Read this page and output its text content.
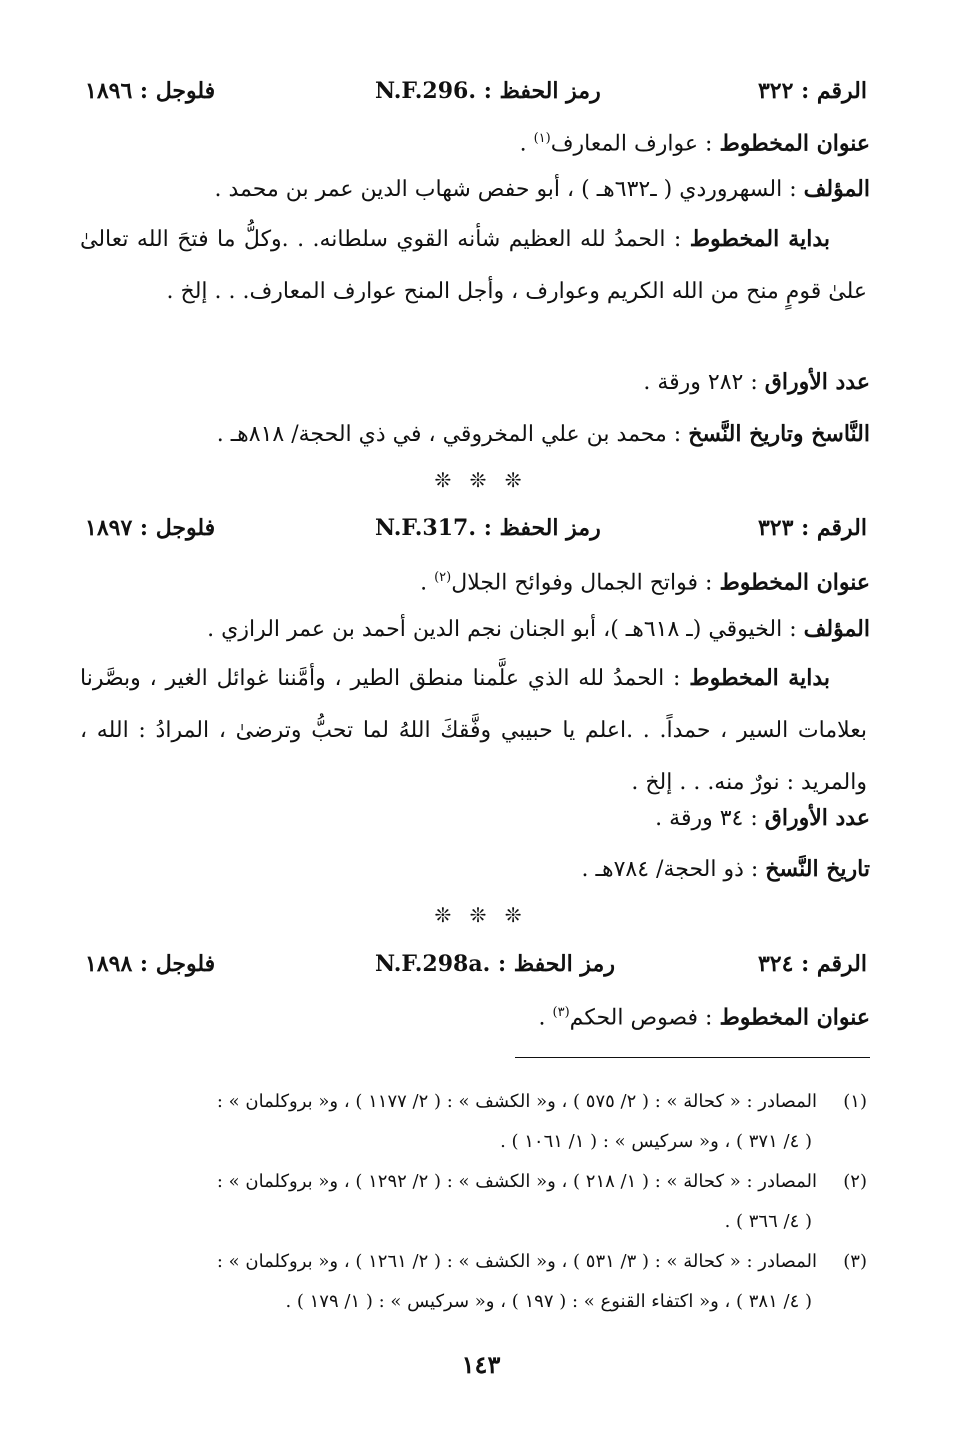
الرقم : ٣٢٢
رمز الحفظ : N.F.296.
فلوجل : ١٨٩٦
عنوان المخطوط : عوارف المعارف$^{(١)}$ .
المؤلف : السهروردي ( ـ٦٣٢هـ ) ، أبو حفص شهاب الدين عمر بن محمد .
بداية المخطوط : الحمدُ لله العظيم شأنه القوي سلطانه. . .وكلُّ ما فتحَ الله تعالىٰ علىٰ قومٍ منح من الله الكريم وعوارف ، وأجل المنح عوارف المعارف. . . إلخ .
عدد الأوراق : ٢٨٢ ورقة .
النَّاسخ وتاريخ النَّسخ : محمد بن علي المخروقي ، في ذي الحجة/ ٨١٨هـ .
❊ ❊ ❊
الرقم : ٣٢٣
رمز الحفظ : N.F.317.
فلوجل : ١٨٩٧
عنوان المخطوط : فواتح الجمال وفوائح الجلال$^{(٢)}$ .
المؤلف : الخيوقي (ـ ٦١٨هـ )، أبو الجنان نجم الدين أحمد بن عمر الرازي .
بداية المخطوط : الحمدُ لله الذي علَّمنا منطق الطير ، وأمَّننا غوائل الغير ، وبصَّرنا بعلامات السير ، حمداً. . .اعلم يا حبيبي وفَّقكَ اللهُ لما تحبُّ وترضىٰ ، المرادُ : الله ، والمريد : نورٌ منه. . . إلخ .
عدد الأوراق : ٣٤ ورقة .
تاريخ النَّسخ : ذو الحجة/ ٧٨٤هـ .
❊ ❊ ❊
الرقم : ٣٢٤
رمز الحفظ : N.F.298a.
فلوجل : ١٨٩٨
عنوان المخطوط : فصوص الحكم$^{(٣)}$ .
(١)المصادر : « كحالة » : ( ٢/ ٥٧٥ ) ، و« الكشف » : ( ٢/ ١١٧٧ ) ، و« بروكلمان » :
( ٤/ ٣٧١ ) ، و« سركيس » : ( ١/ ١٠٦١ ) .
(٢)المصادر : « كحالة » : ( ١/ ٢١٨ ) ، و« الكشف » : ( ٢/ ١٢٩٢ ) ، و« بروكلمان » :
( ٤/ ٣٦٦ ) .
(٣)المصادر : « كحالة » : ( ٣/ ٥٣١ ) ، و« الكشف » : ( ٢/ ١٢٦١ ) ، و« بروكلمان » :
( ٤/ ٣٨١ ) ، و« اكتفاء القنوع » : ( ١٩٧ ) ، و« سركيس » : ( ١/ ١٧٩ ) .
١٤٣
